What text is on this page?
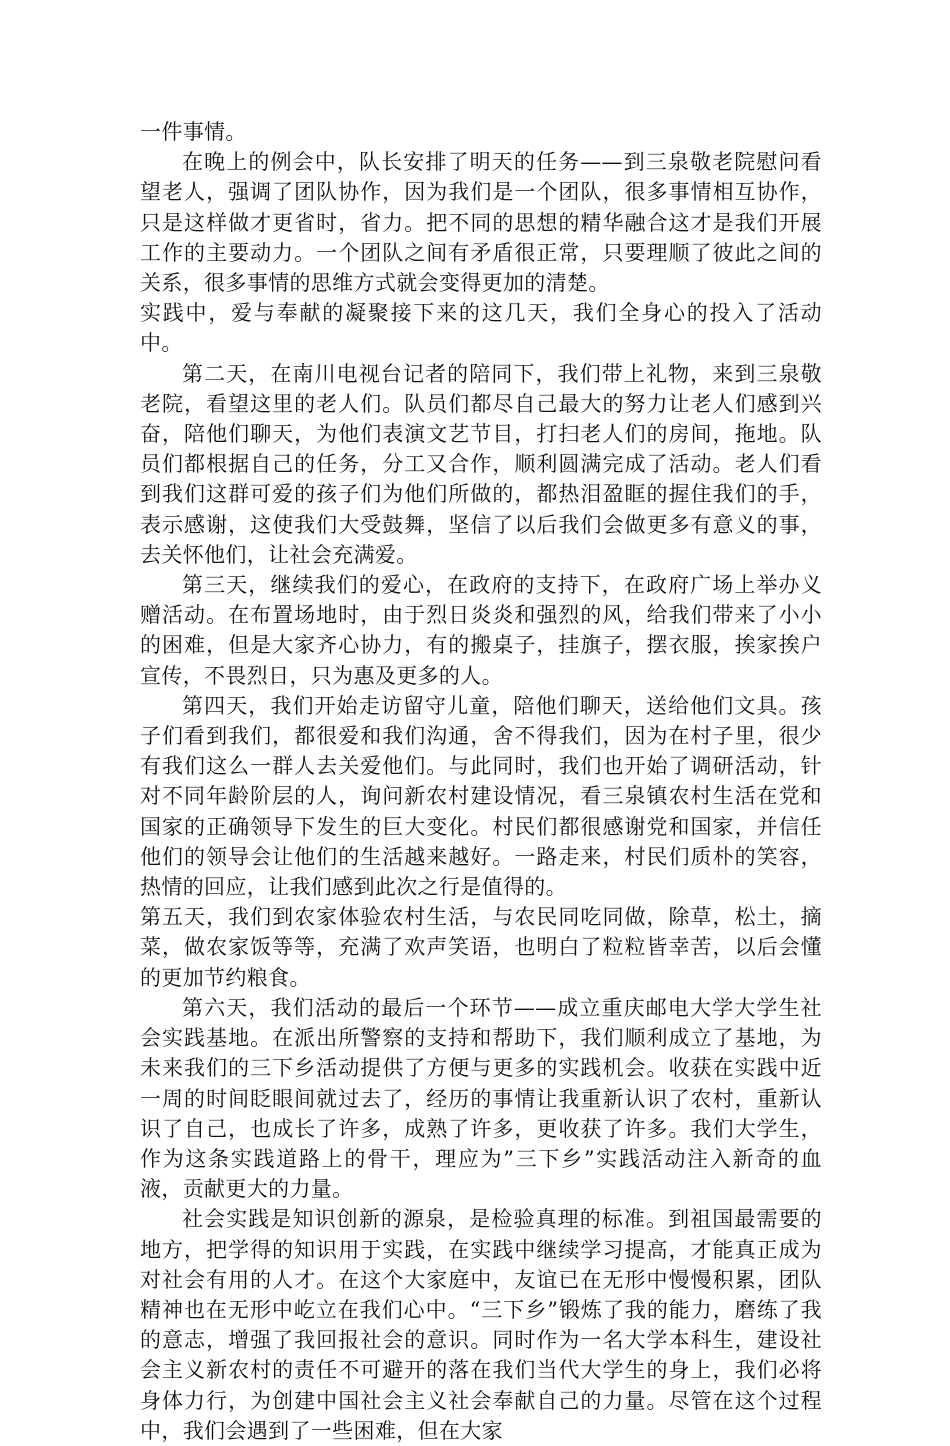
一件事情。

在晚上的例会中，队长安排了明天的任务——到三泉敬老院慰问看望老人，强调了团队协作，因为我们是一个团队，很多事情相互协作，只是这样做才更省时，省力。把不同的思想的精华融合这才是我们开展工作的主要动力。一个团队之间有矛盾很正常，只要理顺了彼此之间的关系，很多事情的思维方式就会变得更加的清楚。

实践中，爱与奉献的凝聚接下来的这几天，我们全身心的投入了活动中。

第二天，在南川电视台记者的陪同下，我们带上礼物，来到三泉敬老院，看望这里的老人们。队员们都尽自己最大的努力让老人们感到兴奋，陪他们聊天，为他们表演文艺节目，打扫老人们的房间，拖地。队员们都根据自己的任务，分工又合作，顺利圆满完成了活动。老人们看到我们这群可爱的孩子们为他们所做的，都热泪盈眶的握住我们的手，表示感谢，这使我们大受鼓舞，坚信了以后我们会做更多有意义的事，去关怀他们，让社会充满爱。

第三天，继续我们的爱心，在政府的支持下，在政府广场上举办义赠活动。在布置场地时，由于烈日炎炎和强烈的风，给我们带来了小小的困难，但是大家齐心协力，有的搬桌子，挂旗子，摆衣服，挨家挨户宣传，不畏烈日，只为惠及更多的人。

第四天，我们开始走访留守儿童，陪他们聊天，送给他们文具。孩子们看到我们，都很爱和我们沟通，舍不得我们，因为在村子里，很少有我们这么一群人去关爱他们。与此同时，我们也开始了调研活动，针对不同年龄阶层的人，询问新农村建设情况，看三泉镇农村生活在党和国家的正确领导下发生的巨大变化。村民们都很感谢党和国家，并信任他们的领导会让他们的生活越来越好。一路走来，村民们质朴的笑容，热情的回应，让我们感到此次之行是值得的。

第五天，我们到农家体验农村生活，与农民同吃同做，除草，松土，摘菜，做农家饭等等，充满了欢声笑语，也明白了粒粒皆幸苦，以后会懂的更加节约粮食。

第六天，我们活动的最后一个环节——成立重庆邮电大学大学生社会实践基地。在派出所警察的支持和帮助下，我们顺利成立了基地，为未来我们的三下乡活动提供了方便与更多的实践机会。收获在实践中近一周的时间眨眼间就过去了，经历的事情让我重新认识了农村，重新认识了自己，也成长了许多，成熟了许多，更收获了许多。我们大学生，作为这条实践道路上的骨干，理应为”三下乡”实践活动注入新奇的血液，贡献更大的力量。

社会实践是知识创新的源泉，是检验真理的标准。到祖国最需要的地方，把学得的知识用于实践，在实践中继续学习提高，才能真正成为对社会有用的人才。在这个大家庭中，友谊已在无形中慢慢积累，团队精神也在无形中屹立在我们心中。“三下乡”锻炼了我的能力，磨练了我的意志，增强了我回报社会的意识。同时作为一名大学本科生，建设社会主义新农村的责任不可避开的落在我们当代大学生的身上，我们必将身体力行，为创建中国社会主义社会奉献自己的力量。尽管在这个过程中，我们会遇到了一些困难，但在大家
